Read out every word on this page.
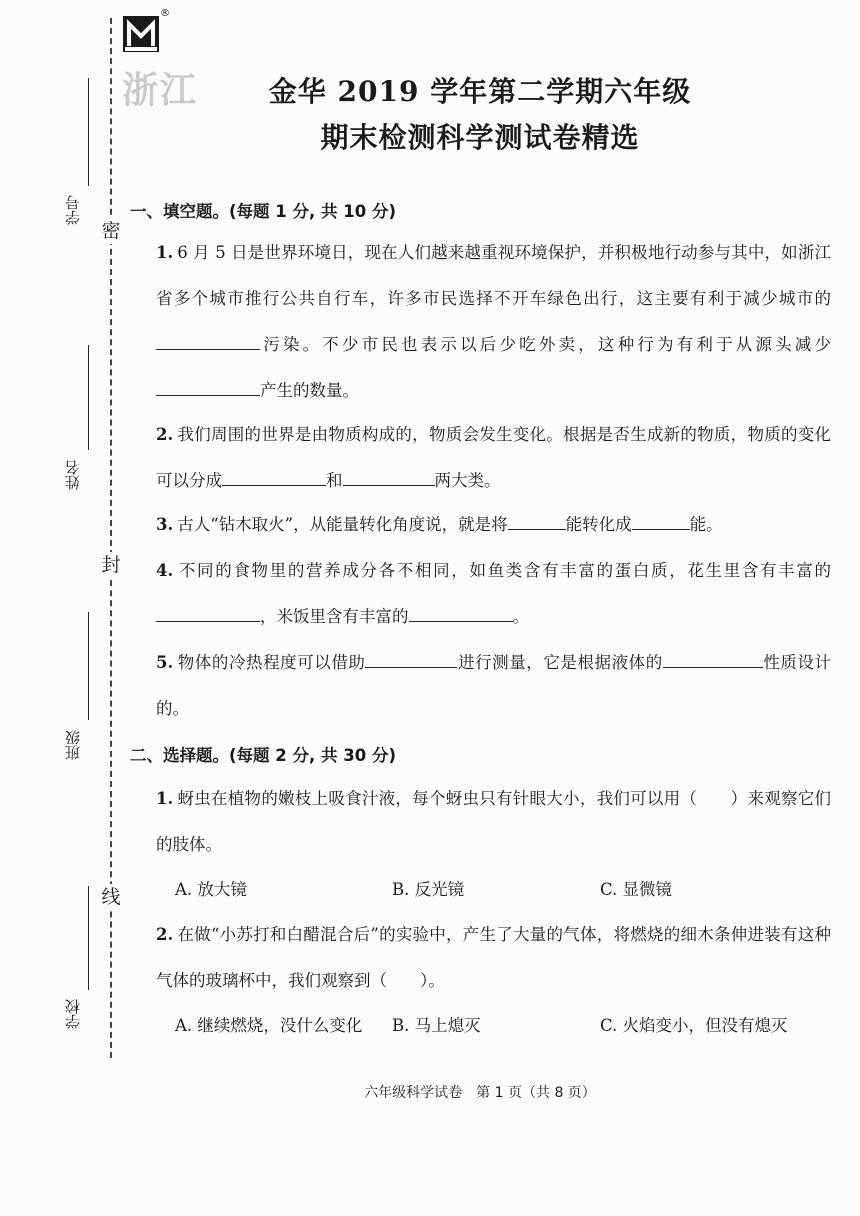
密
封
线
学号
姓名
班级
学校
®
浙江	金华 2019 学年第二学期六年级
期末检测科学测试卷精选
一、填空题。(每题 1 分, 共 10 分)
1. 6 月 5 日是世界环境日，现在人们越来越重视环境保护，并积极地行动参与其中，如浙江省多个城市推行公共自行车，许多市民选择不开车绿色出行，这主要有利于减少城市的污染。不少市民也表示以后少吃外卖，这种行为有利于从源头减少产生的数量。
2. 我们周围的世界是由物质构成的，物质会发生变化。根据是否生成新的物质，物质的变化可以分成	和	两大类。
3. 古人“钻木取火”，从能量转化角度说，就是将	能转化成	能。
4. 不同的食物里的营养成分各不相同，如鱼类含有丰富的蛋白质，花生里含有丰富的，米饭里含有丰富的	。
5. 物体的冷热程度可以借助	进行测量，它是根据液体的	性质设计的。
二、选择题。(每题 2 分, 共 30 分)
1. 蚜虫在植物的嫩枝上吸食汁液，每个蚜虫只有针眼大小，我们可以用（　　）来观察它们的肢体。
A. 放大镜	B. 反光镜	C. 显微镜
2. 在做“小苏打和白醋混合后”的实验中，产生了大量的气体，将燃烧的细木条伸进装有这种气体的玻璃杯中，我们观察到（　　）。
A. 继续燃烧，没什么变化 B. 马上熄灭	C. 火焰变小，但没有熄灭
六年级科学试卷　第 1 页（共 8 页）
